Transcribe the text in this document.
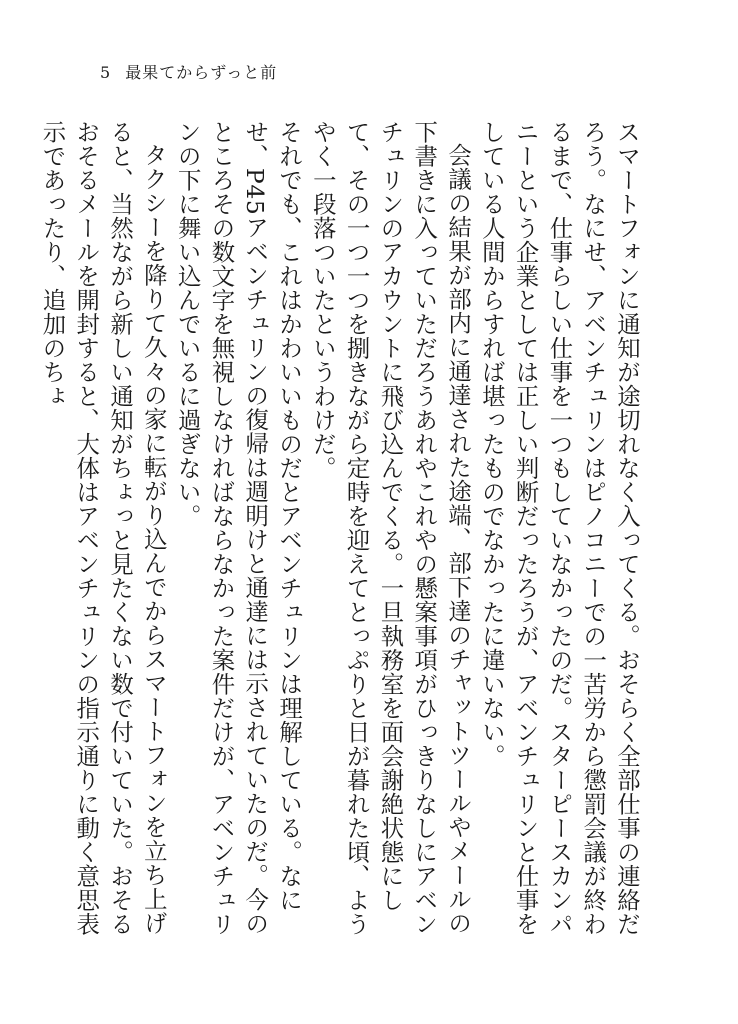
5 最果てからずっと前

スマートフォンに通知が途切れなく入ってくる。おそらく全部仕事の連絡だろう。なにせ、アベンチュリンはピノコニーでの一苦労から懲罰会議が終わるまで、仕事らしい仕事を一つもしていなかったのだ。スターピースカンパニーという企業としては正しい判断だったろうが、アベンチュリンと仕事をしている人間からすれば堪ったものでなかったに違いない。

会議の結果が部内に通達された途端、部下達のチャットツールやメールの下書きに入っていただろうあれやこれやの懸案事項がひっきりなしにアベンチュリンのアカウントに飛び込んでくる。一旦執務室を面会謝絶状態にして、その一つ一つを捌きながら定時を迎えてとっぷりと日が暮れた頃、ようやく一段落ついたというわけだ。

それでも、これはかわいいものだとアベンチュリンは理解している。なにせ、P45アベンチュリンの復帰は週明けと通達には示されていたのだ。今のところその数文字を無視しなければならなかった案件だけが、アベンチュリンの下に舞い込んでいるに過ぎない。

タクシーを降りて久々の家に転がり込んでからスマートフォンを立ち上げると、当然ながら新しい通知がちょっと見たくない数で付いていた。おそるおそるメールを開封すると、大体はアベンチュリンの指示通りに動く意思表示であったり、追加のちょ
